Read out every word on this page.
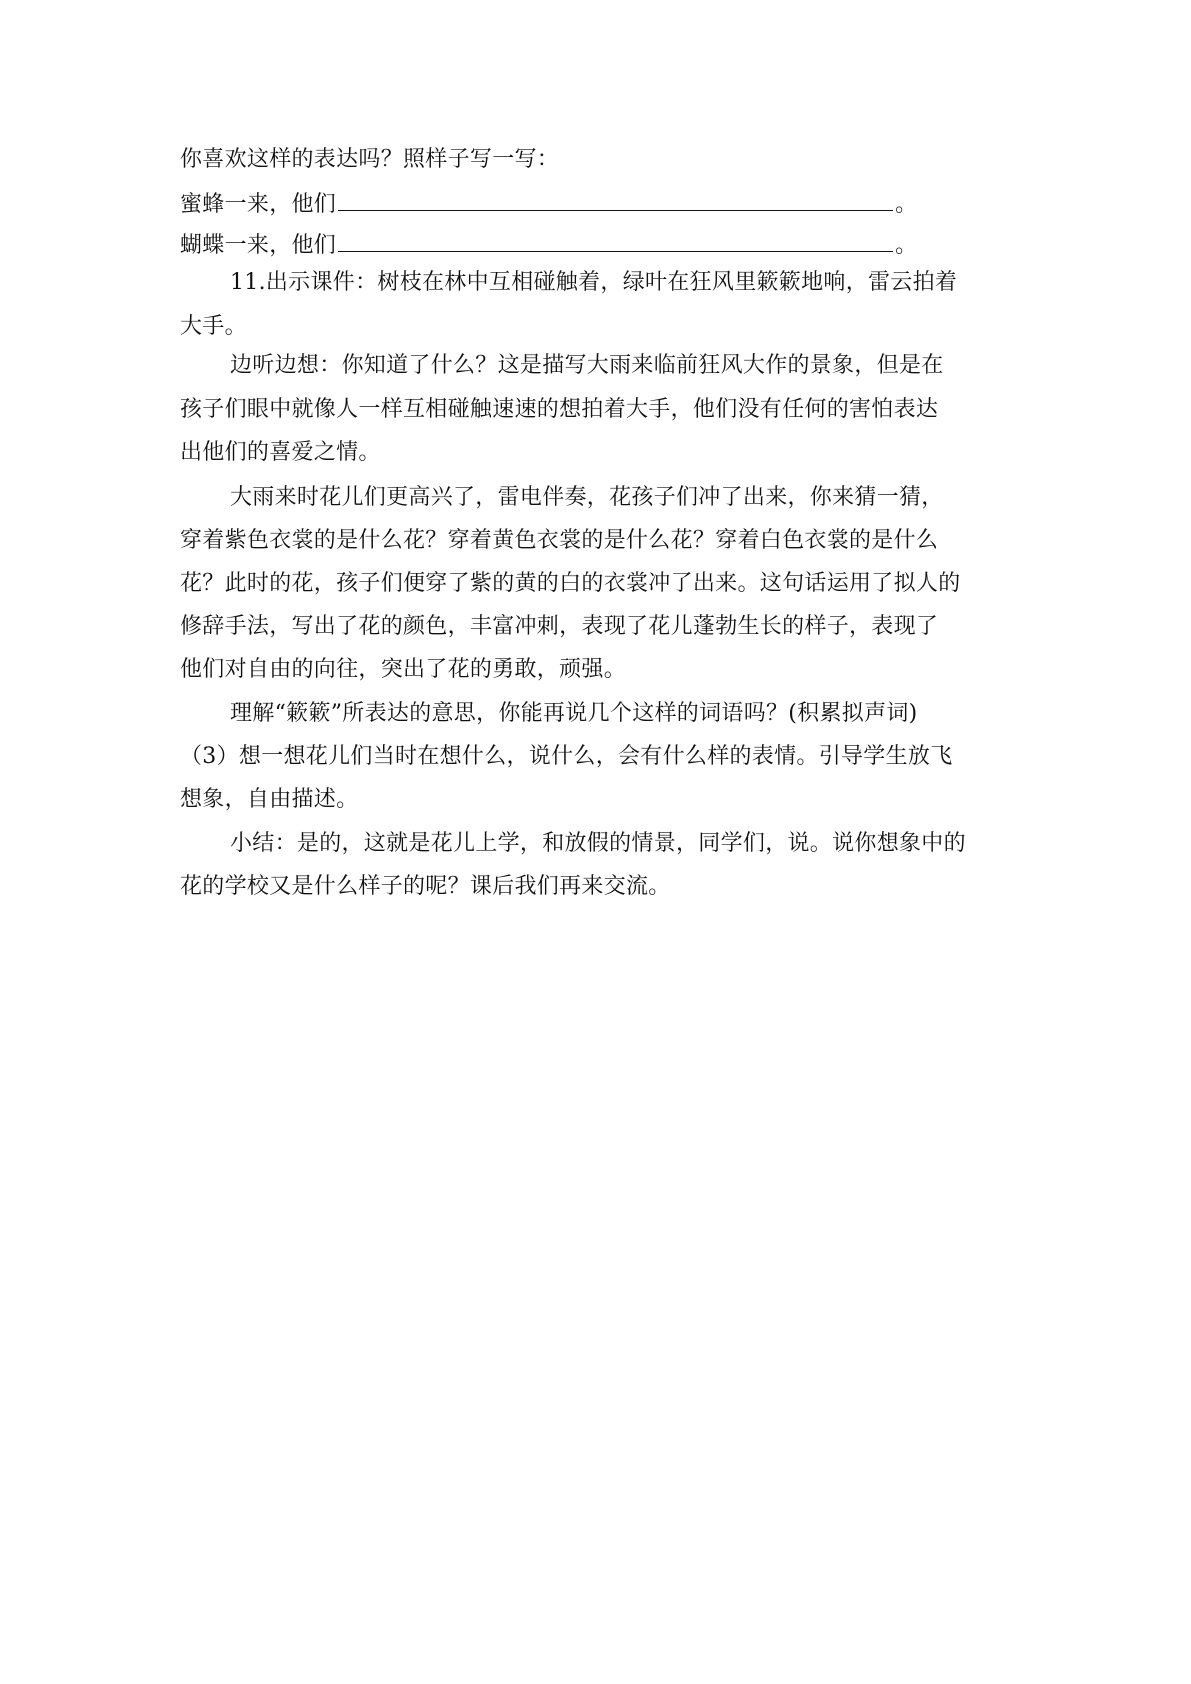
你喜欢这样的表达吗？照样子写一写：
蜜蜂一来，他们	。
蝴蝶一来，他们	。
11.出示课件：树枝在林中互相碰触着，绿叶在狂风里簌簌地响，雷云拍着
大手。
边听边想：你知道了什么？这是描写大雨来临前狂风大作的景象，但是在
孩子们眼中就像人一样互相碰触速速的想拍着大手，他们没有任何的害怕表达
出他们的喜爱之情。
大雨来时花儿们更高兴了，雷电伴奏，花孩子们冲了出来，你来猜一猜，
穿着紫色衣裳的是什么花？穿着黄色衣裳的是什么花？穿着白色衣裳的是什么
花？此时的花，孩子们便穿了紫的黄的白的衣裳冲了出来。这句话运用了拟人的
修辞手法，写出了花的颜色，丰富冲刺，表现了花儿蓬勃生长的样子，表现了
他们对自由的向往，突出了花的勇敢，顽强。
理解“簌簌”所表达的意思，你能再说几个这样的词语吗？(积累拟声词)
（3）想一想花儿们当时在想什么，说什么，会有什么样的表情。引导学生放飞
想象，自由描述。
小结：是的，这就是花儿上学，和放假的情景，同学们，说。说你想象中的
花的学校又是什么样子的呢？课后我们再来交流。
